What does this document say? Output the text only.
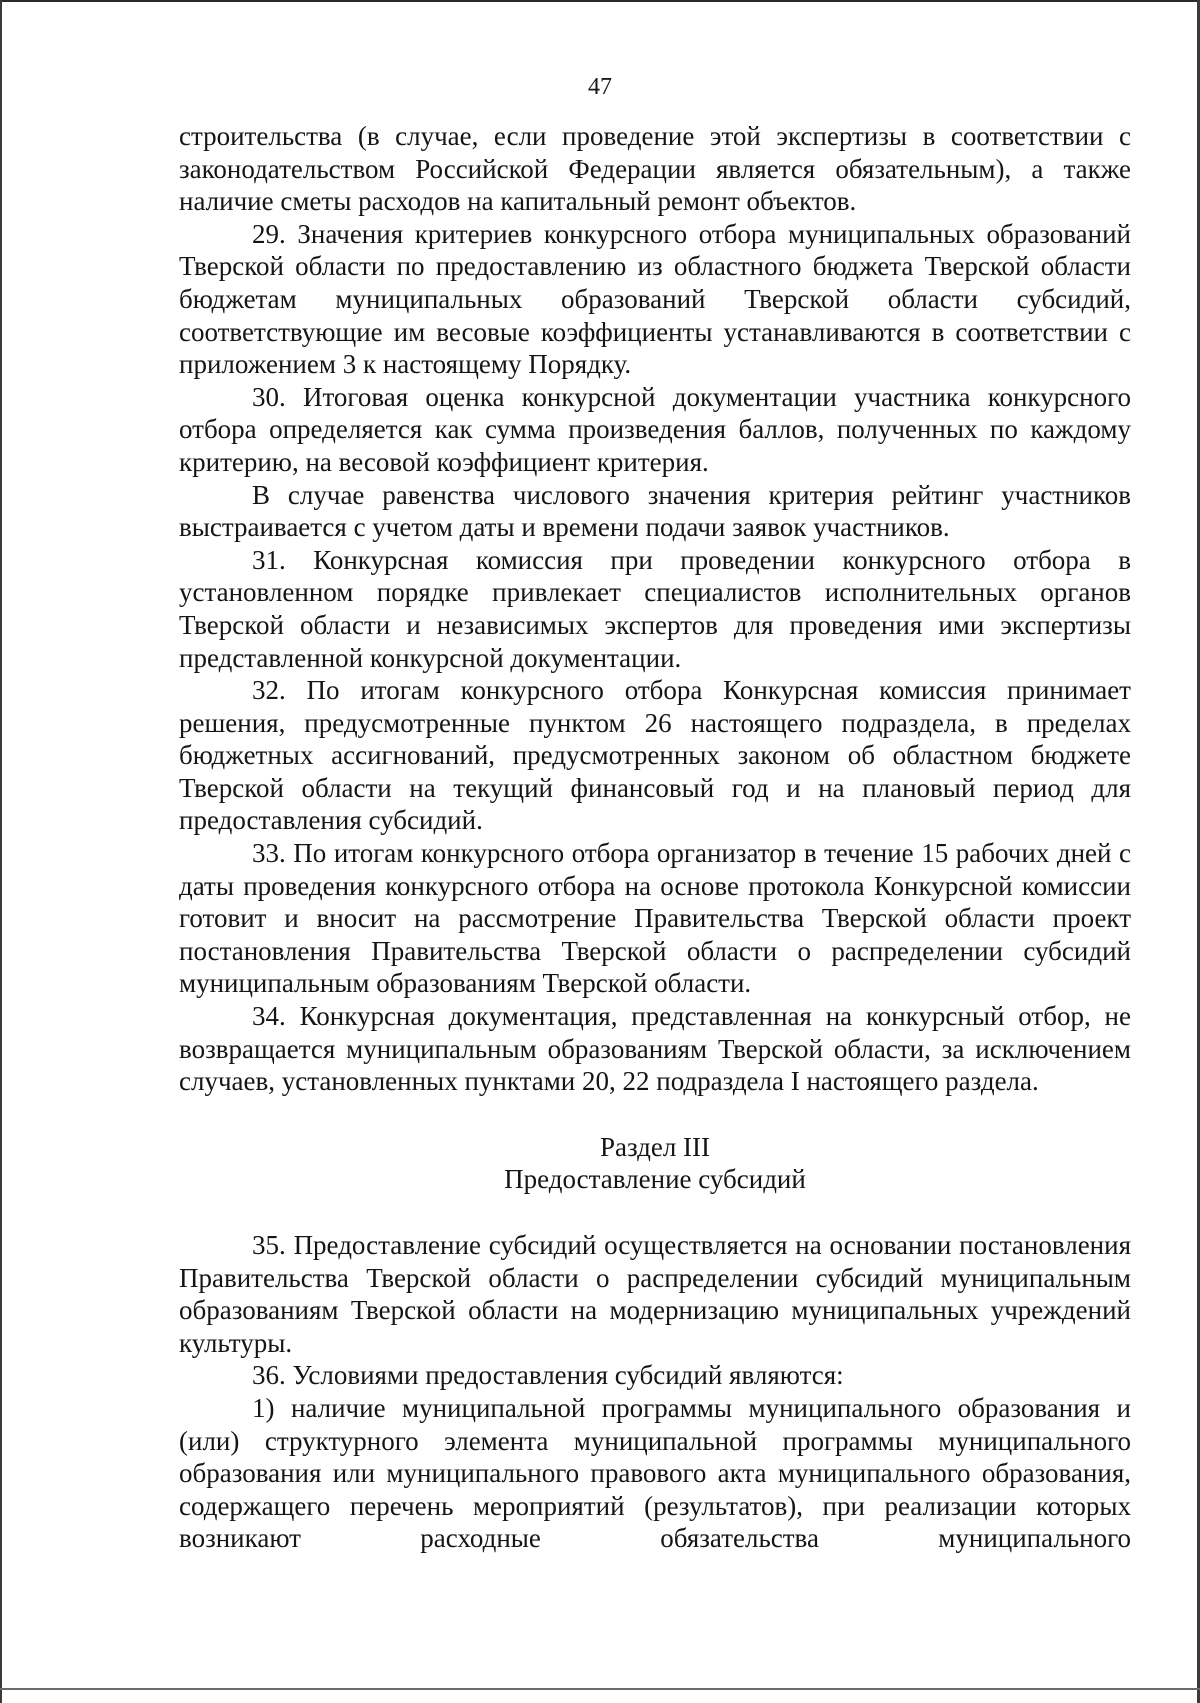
47

строительства (в случае, если проведение этой экспертизы в соответствии с законодательством Российской Федерации является обязательным), а также наличие сметы расходов на капитальный ремонт объектов.

29. Значения критериев конкурсного отбора муниципальных образований Тверской области по предоставлению из областного бюджета Тверской области бюджетам муниципальных образований Тверской области субсидий, соответствующие им весовые коэффициенты устанавливаются в соответствии с приложением 3 к настоящему Порядку.

30. Итоговая оценка конкурсной документации участника конкурсного отбора определяется как сумма произведения баллов, полученных по каждому критерию, на весовой коэффициент критерия.

В случае равенства числового значения критерия рейтинг участников выстраивается с учетом даты и времени подачи заявок участников.

31. Конкурсная комиссия при проведении конкурсного отбора в установленном порядке привлекает специалистов исполнительных органов Тверской области и независимых экспертов для проведения ими экспертизы представленной конкурсной документации.

32. По итогам конкурсного отбора Конкурсная комиссия принимает решения, предусмотренные пунктом 26 настоящего подраздела, в пределах бюджетных ассигнований, предусмотренных законом об областном бюджете Тверской области на текущий финансовый год и на плановый период для предоставления субсидий.

33. По итогам конкурсного отбора организатор в течение 15 рабочих дней с даты проведения конкурсного отбора на основе протокола Конкурсной комиссии готовит и вносит на рассмотрение Правительства Тверской области проект постановления Правительства Тверской области о распределении субсидий муниципальным образованиям Тверской области.

34. Конкурсная документация, представленная на конкурсный отбор, не возвращается муниципальным образованиям Тверской области, за исключением случаев, установленных пунктами 20, 22 подраздела I настоящего раздела.

Раздел III

Предоставление субсидий

35. Предоставление субсидий осуществляется на основании постановления Правительства Тверской области о распределении субсидий муниципальным образованиям Тверской области на модернизацию муниципальных учреждений культуры.

36. Условиями предоставления субсидий являются:

1) наличие муниципальной программы муниципального образования и (или) структурного элемента муниципальной программы муниципального образования или муниципального правового акта муниципального образования, содержащего перечень мероприятий (результатов), при реализации которых возникают расходные обязательства муниципального
